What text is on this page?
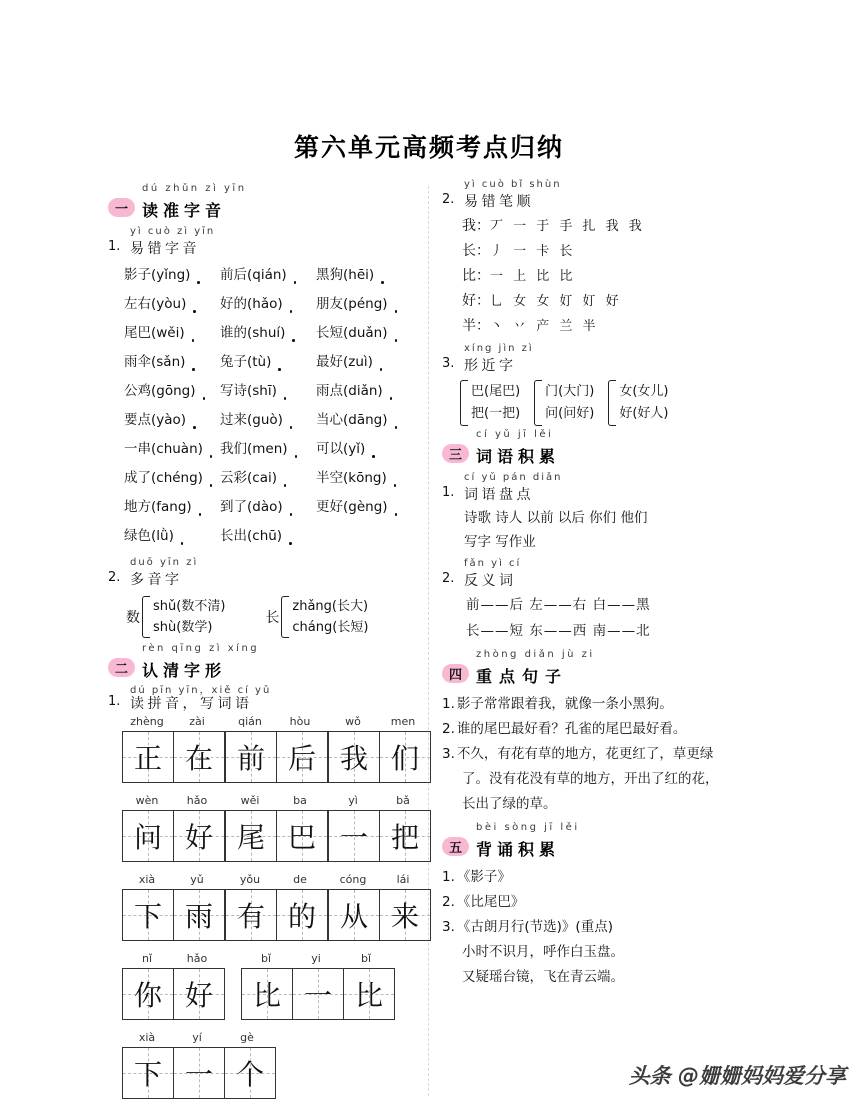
第六单元高频考点归纳
一
dú zhǔn zì yīn
读准字音
1.
yì cuò zì yīn
易错字音
影子(yǐng)	前后(qián)	黑狗(hēi)
左右(yòu)	好的(hǎo)	朋友(péng)
尾巴(wěi)	谁的(shuí)	长短(duǎn)
雨伞(sǎn)	兔子(tù)	最好(zuì)
公鸡(gōng)	写诗(shī)	雨点(diǎn)
要点(yào)	过来(guò)	当心(dāng)
一串(chuàn)	我们(men)	可以(yǐ)
成了(chéng)	云彩(cai)	半空(kōng)
地方(fang)	到了(dào)	更好(gèng)
绿色(lǜ)	长出(chū)
2.
duō yīn zì
多音字
数
shǔ(数不清)
shù(数学)
长
zhǎng(长大)
cháng(长短)
二
rèn qīng zì xíng
认清字形
1.
dú pīn yīn，xiě cí yǔ
读拼音，写词语
zhèng	zài
正 在
qián	hòu
前 后
wǒ	men
我 们
wèn	hǎo
问 好
wěi	ba
尾 巴
yì	bǎ
一 把
xià	yǔ
下 雨
yǒu	de
有 的
cóng	lái
从 来
nǐ	hǎo
你 好
bǐ	yi	bǐ
比 一 比
xià	yí	gè
下 一 个
2.
yì cuò bǐ shùn
易错笔顺
我：丆 一 于 手 扎 我 我
长：丿 一 卡 长
比：一 上 比 比
好：乚 女 女 奵 奵 好
半：丶 丷 产 兰 半
3.
xíng jìn zì
形近字
巴(尾巴)
把(一把)
门(大门)
问(问好)
女(女儿)
好(好人)
三
cí yǔ jī lěi
词语积累
1.
cí yǔ pán diǎn
词语盘点
诗歌 诗人 以前 以后 你们 他们
写字 写作业
2.
fǎn yì cí
反义词
前——后 左——右 白——黑
长——短 东——西 南——北
四
zhòng diǎn jù zi
重点句子
1. 影子常常跟着我，就像一条小黑狗。
2. 谁的尾巴最好看？孔雀的尾巴最好看。
3. 不久，有花有草的地方，花更红了，草更绿
了。没有花没有草的地方，开出了红的花，
长出了绿的草。
五
bèi sòng jī lěi
背诵积累
1. 《影子》
2. 《比尾巴》
3. 《古朗月行(节选)》(重点)
小时不识月，呼作白玉盘。
又疑瑶台镜，飞在青云端。
头条 @姗姗妈妈爱分享
